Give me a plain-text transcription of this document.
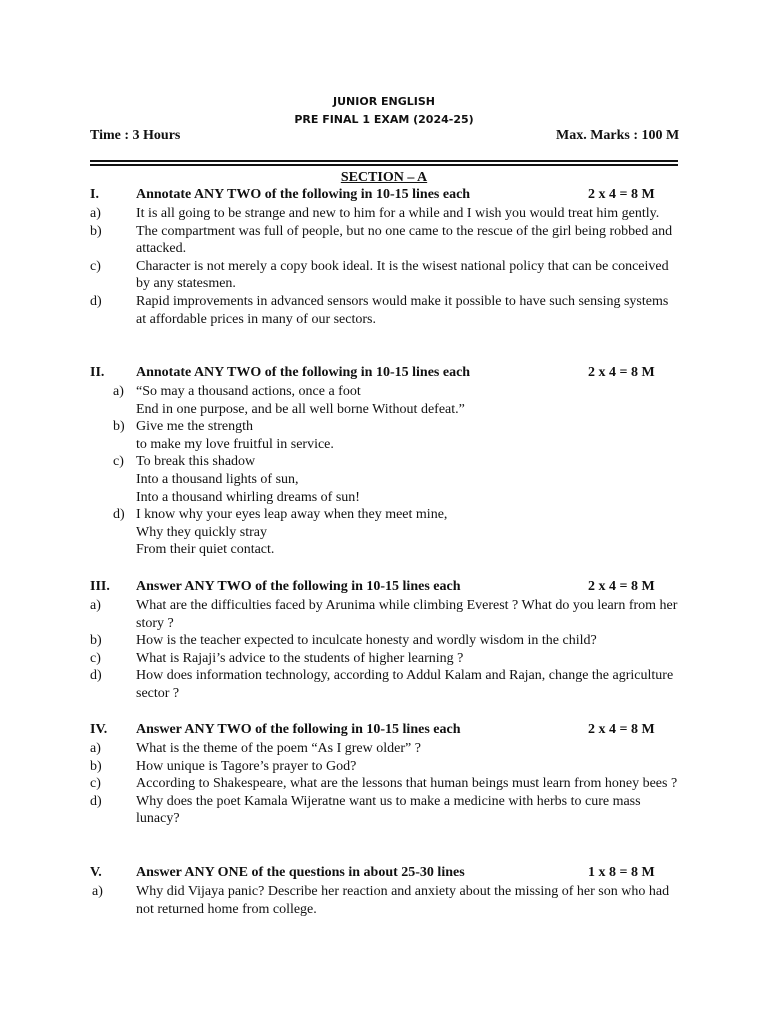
JUNIOR ENGLISH
PRE FINAL 1 EXAM (2024-25)
Time : 3 Hours	Max. Marks : 100 M
SECTION – A
I.	Annotate ANY TWO of the following in 10-15 lines each	2 x 4 = 8 M
a)	It is all going to be strange and new to him for a while and I wish you would treat him gently.
b) The compartment was full of people, but no one came to the rescue of the girl being robbed and attacked.
c)	Character is not merely a copy book ideal. It is the wisest national policy that can be conceived by any statesmen.
d) Rapid improvements in advanced sensors would make it possible to have such sensing systems at affordable prices in many of our sectors.
II. Annotate ANY TWO of the following in 10-15 lines each	2 x 4 = 8 M
a) “So may a thousand actions, once a foot
End in one purpose, and be all well borne Without defeat.”
b) Give me the strength
to make my love fruitful in service.
c) To break this shadow
Into a thousand lights of sun,
Into a thousand whirling dreams of sun!
d) I know why your eyes leap away when they meet mine,
Why they quickly stray
From their quiet contact.
III. Answer ANY TWO of the following in 10-15 lines each	2 x 4 = 8 M
a)	What are the difficulties faced by Arunima while climbing Everest ? What do you learn from her story ?
b) How is the teacher expected to inculcate honesty and wordly wisdom in the child?
c)	What is Rajaji’s advice to the students of higher learning ?
d) How does information technology, according to Addul Kalam and Rajan, change the agriculture sector ?
IV. Answer ANY TWO of the following in 10-15 lines each	2 x 4 = 8 M
a)	What is the theme of the poem “As I grew older” ?
b) How unique is Tagore’s prayer to God?
c)	According to Shakespeare, what are the lessons that human beings must learn from honey bees ?
d) Why does the poet Kamala Wijeratne want us to make a medicine with herbs to cure mass lunacy?
V. Answer ANY ONE of the questions in about 25-30 lines	1 x 8 = 8 M
a) Why did Vijaya panic? Describe her reaction and anxiety about the missing of her son who had not returned home from college.
